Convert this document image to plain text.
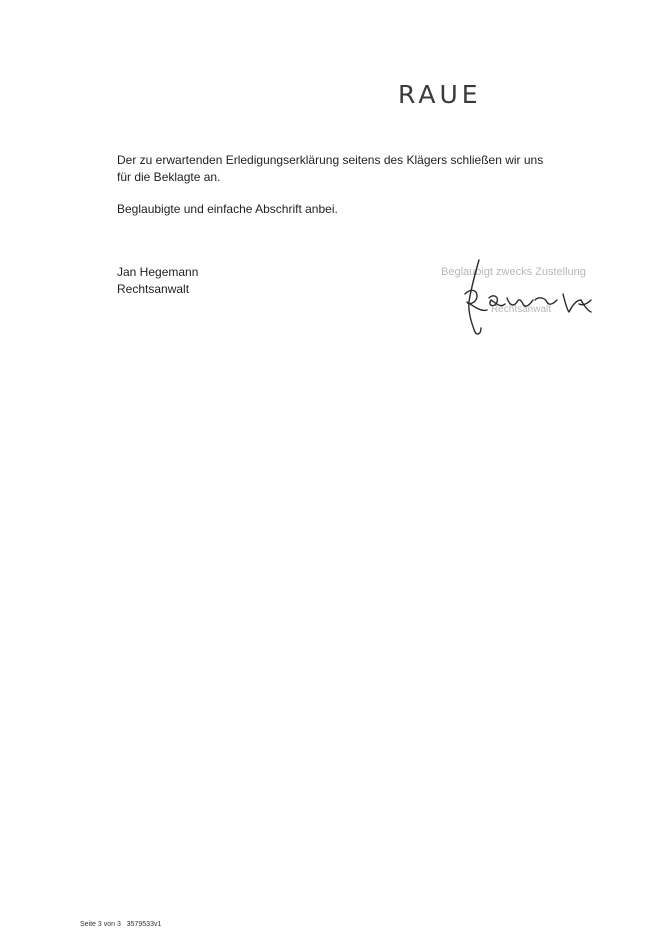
RAUE
Der zu erwartenden Erledigungserklärung seitens des Klägers schließen wir uns
für die Beklagte an.
Beglaubigte und einfache Abschrift anbei.
Jan Hegemann
Rechtsanwalt
Beglaubigt zwecks Zustellung
Rechtsanwalt
Seite 3 von 3 3579533v1
